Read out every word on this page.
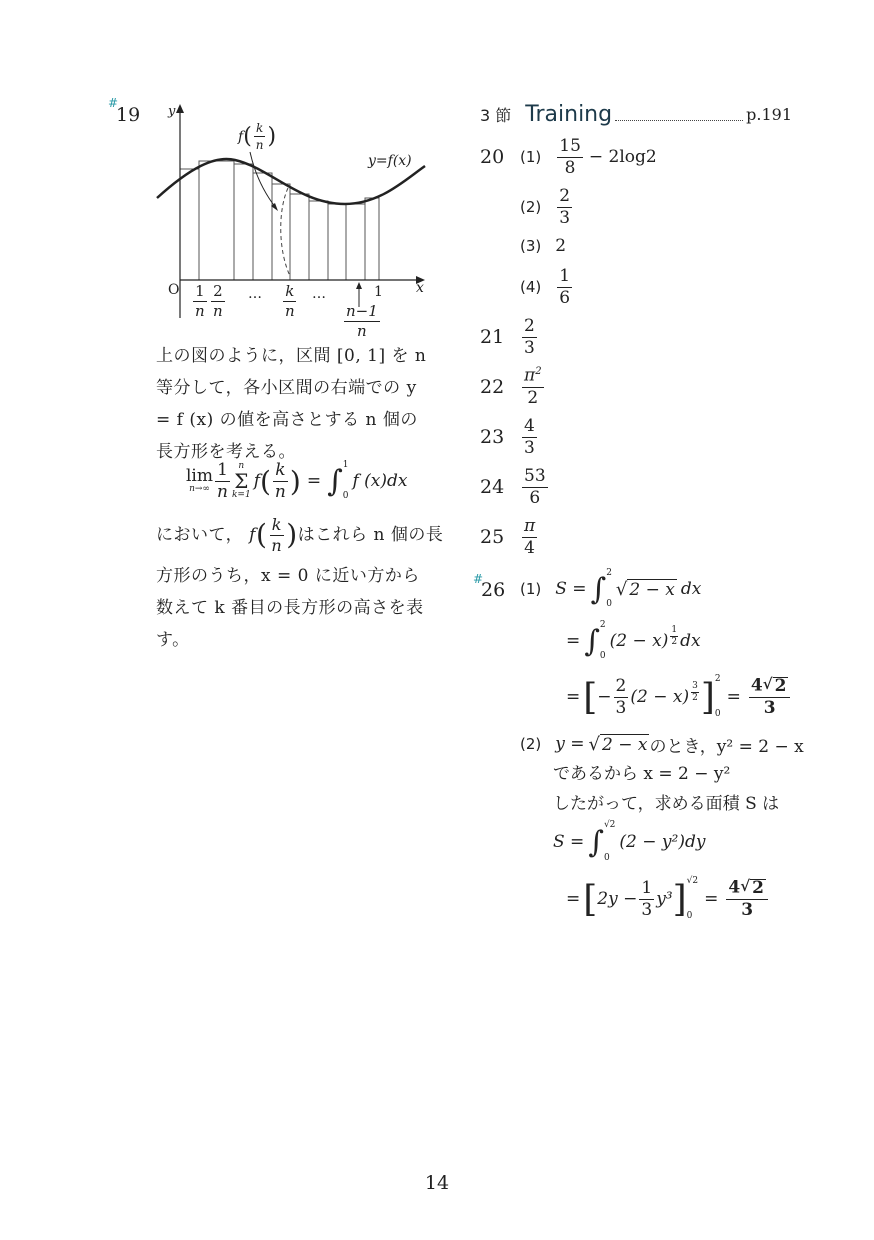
#
19 y
x
O
y=f(x)
f ( $\frac{k}{n}$ )
$\frac{1}{n} \frac{2}{n}$ … $\frac{k}{n}$ …	1
$\frac{n-1}{n}$
上の図のように，区間 [0, 1] を n 等分して，各小区間の右端での y = f (x) の値を高さとする n 個の長方形を考える。
lim
$n\to\infty \frac{1}{n}$ n
Σ
k=1
f ( $\frac{k}{n}$ ) = ∫ 1
0
f (x)dx
において， f ( $\frac{k}{n}$ ) はこれら n 個の長
方形のうち，x = 0 に近い方から数えて k 番目の長方形の高さを表す。
3 節 Training	p.191
20 $(1) \frac{15}{8} - 2\log 2$
$(2) \frac{2}{3}$
(3) 2
$(4) \frac{1}{6}$
21	$\frac{2}{3}$
22	$\frac{\pi^2}{2}$
23	$\frac{4}{3}$
24	$\frac{53}{6}$
25	$\frac{\pi}{4}$
#
26 (1) S = ∫ 2
0
√ 2 − x dx
= ∫ 2
0
$(2 - x) \frac{1}{2}$ dx
= [ − $\frac{2}{3} (2 - x) \frac{3}{2}$ ] 2
0
= $\frac{4 √ 2}{3}$
(2) y = √ 2 − x のとき，y² = 2 − x
であるから x = 2 − y²
したがって，求める面積 S は
S = ∫ √2
0
(2 − y²)dy
= [ $2y - \frac{1}{3} y^3$ ] √2
0
= $\frac{4 √ 2}{3}$
14
